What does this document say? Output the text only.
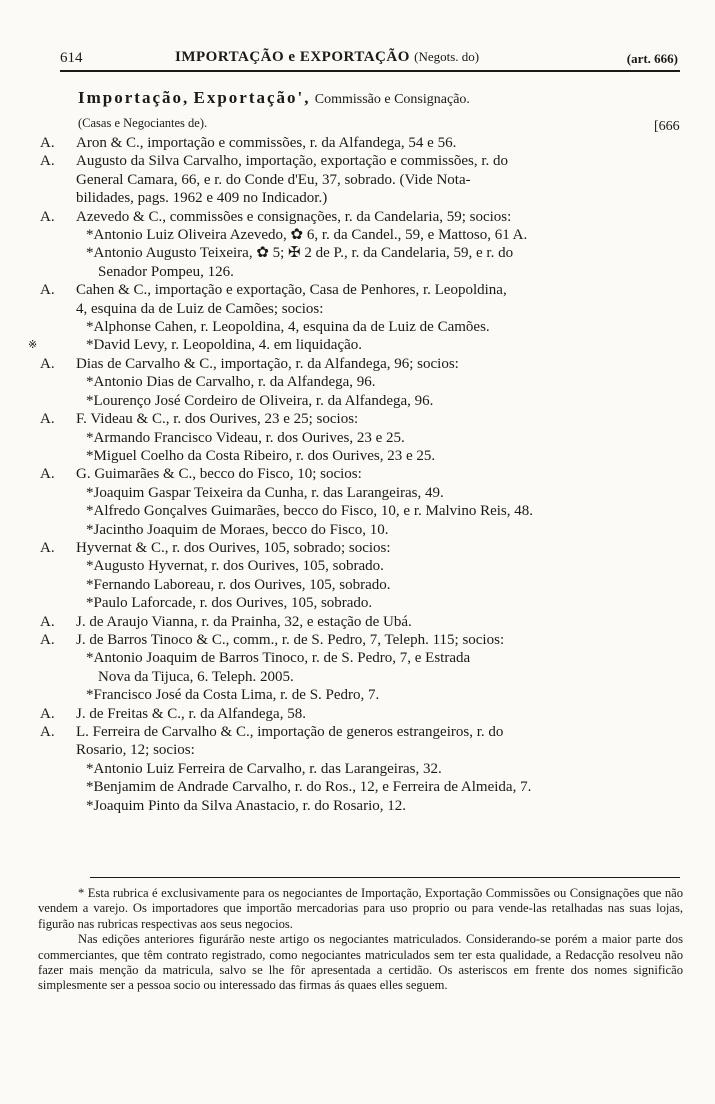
614	IMPORTAÇÃO e EXPORTAÇÃO (Negots. do)	(art. 666)
Importação, Exportação', Commissão e Consignação.
(Casas e Negociantes de).	[666
A. Aron & C., importação e commissões, r. da Alfandega, 54 e 56.
A. Augusto da Silva Carvalho, importação, exportação e commissões, r. do
General Camara, 66, e r. do Conde d'Eu, 37, sobrado. (Vide Nota-
bilidades, pags. 1962 e 409 no Indicador.)
A. Azevedo & C., commissões e consignações, r. da Candelaria, 59; socios:
*Antonio Luiz Oliveira Azevedo, ✿ 6, r. da Candel., 59, e Mattoso, 61 A.
*Antonio Augusto Teixeira, ✿ 5; ✠ 2 de P., r. da Candelaria, 59, e r. do
Senador Pompeu, 126.
A. Cahen & C., importação e exportação, Casa de Penhores, r. Leopoldina,
4, esquina da de Luiz de Camões; socios:
*Alphonse Cahen, r. Leopoldina, 4, esquina da de Luiz de Camões.
※	*David Levy, r. Leopoldina, 4. em liquidação.
A. Dias de Carvalho & C., importação, r. da Alfandega, 96; socios:
*Antonio Dias de Carvalho, r. da Alfandega, 96.
*Lourenço José Cordeiro de Oliveira, r. da Alfandega, 96.
A. F. Videau & C., r. dos Ourives, 23 e 25; socios:
*Armando Francisco Videau, r. dos Ourives, 23 e 25.
*Miguel Coelho da Costa Ribeiro, r. dos Ourives, 23 e 25.
A. G. Guimarães & C., becco do Fisco, 10; socios:
*Joaquim Gaspar Teixeira da Cunha, r. das Larangeiras, 49.
*Alfredo Gonçalves Guimarães, becco do Fisco, 10, e r. Malvino Reis, 48.
*Jacintho Joaquim de Moraes, becco do Fisco, 10.
A. Hyvernat & C., r. dos Ourives, 105, sobrado; socios:
*Augusto Hyvernat, r. dos Ourives, 105, sobrado.
*Fernando Laboreau, r. dos Ourives, 105, sobrado.
*Paulo Laforcade, r. dos Ourives, 105, sobrado.
A. J. de Araujo Vianna, r. da Prainha, 32, e estação de Ubá.
A. J. de Barros Tinoco & C., comm., r. de S. Pedro, 7, Teleph. 115; socios:
*Antonio Joaquim de Barros Tinoco, r. de S. Pedro, 7, e Estrada
Nova da Tijuca, 6. Teleph. 2005.
*Francisco José da Costa Lima, r. de S. Pedro, 7.
A. J. de Freitas & C., r. da Alfandega, 58.
A. L. Ferreira de Carvalho & C., importação de generos estrangeiros, r. do
Rosario, 12; socios:
*Antonio Luiz Ferreira de Carvalho, r. das Larangeiras, 32.
*Benjamim de Andrade Carvalho, r. do Ros., 12, e Ferreira de Almeida, 7.
*Joaquim Pinto da Silva Anastacio, r. do Rosario, 12.

* Esta rubrica é exclusivamente para os negociantes de Importação, Exportação Commissões ou Consignações que não vendem a varejo. Os importadores que importão mercadorias para uso proprio ou para vende-las retalhadas nas suas lojas, figurão nas rubricas respectivas aos seus negocios.

Nas edições anteriores figurárão neste artigo os negociantes matriculados. Considerando-se porém a maior parte dos commerciantes, que têm contrato registrado, como negociantes matriculados sem ter esta qualidade, a Redacção resolveu não fazer mais menção da matricula, salvo se lhe fôr apresentada a certidão. Os asteriscos em frente dos nomes significão simplesmente ser a pessoa socio ou interessado das firmas ás quaes elles seguem.
